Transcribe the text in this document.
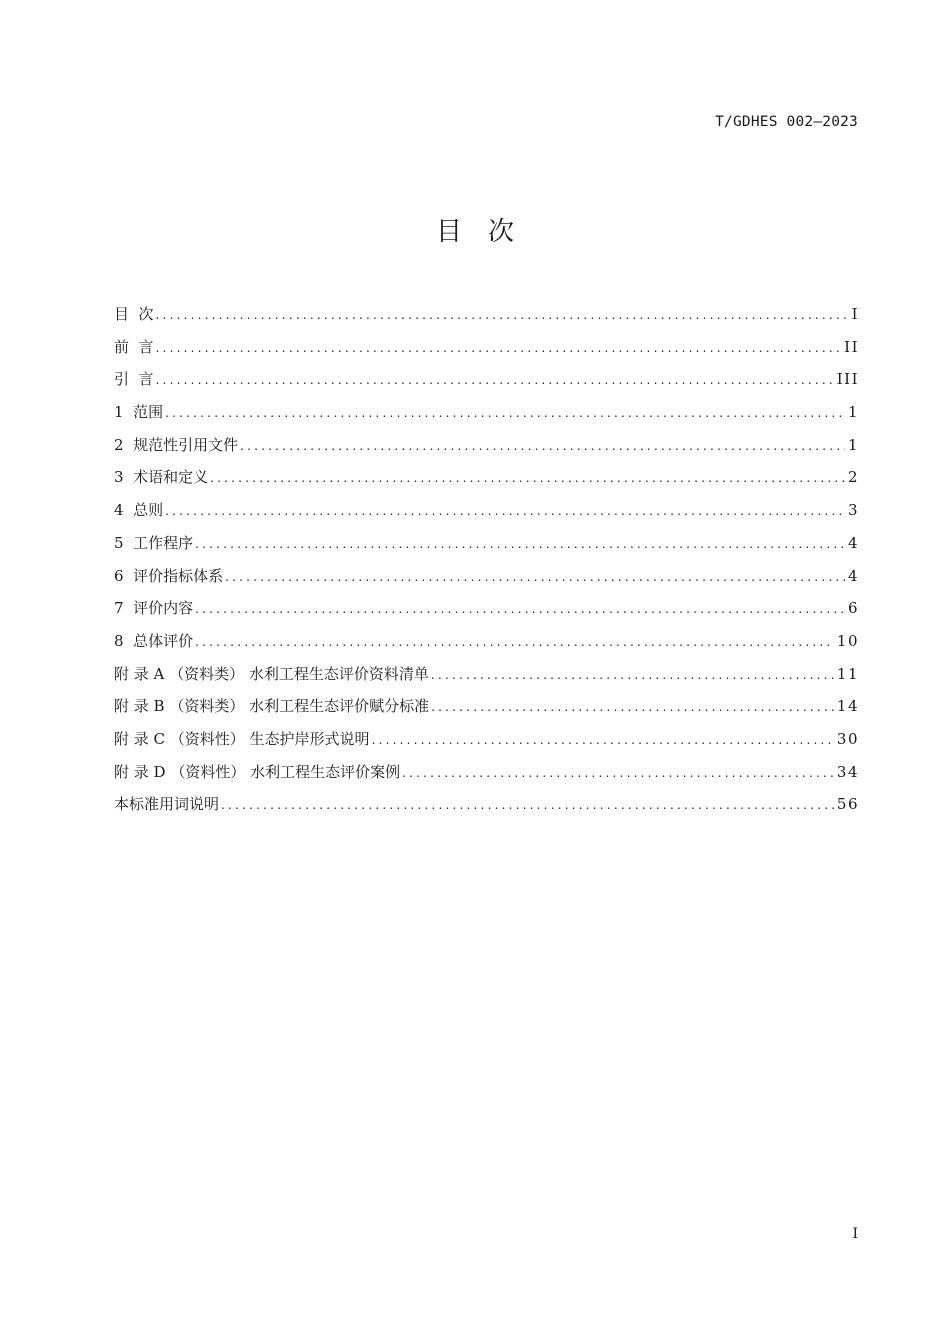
T/GDHES 002—2023
目次
目  次 .....	I
前  言 .....	II
引  言 .....	III
1  范围 .....	1
2  规范性引用文件 .....	1
3  术语和定义 .....	2
4  总则 .....	3
5  工作程序 .....	4
6  评价指标体系 .....	4
7  评价内容 .....	6
8  总体评价 .....	10
附 录 A （资料类） 水利工程生态评价资料清单 .....	11
附 录 B （资料类） 水利工程生态评价赋分标准 .....	14
附 录 C （资料性） 生态护岸形式说明 .....	30
附 录 D （资料性） 水利工程生态评价案例 .....	34
本标准用词说明 .....	56
I
